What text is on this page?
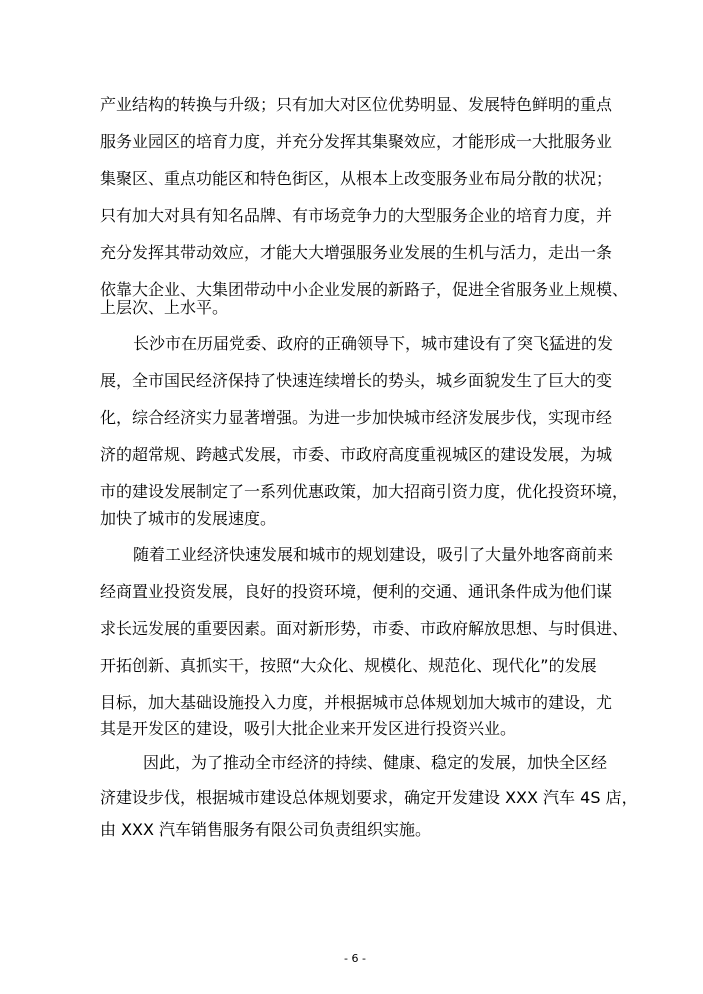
产业结构的转换与升级；只有加大对区位优势明显、发展特色鲜明的重点
服务业园区的培育力度，并充分发挥其集聚效应，才能形成一大批服务业
集聚区、重点功能区和特色街区，从根本上改变服务业布局分散的状况；
只有加大对具有知名品牌、有市场竞争力的大型服务企业的培育力度，并
充分发挥其带动效应，才能大大增强服务业发展的生机与活力，走出一条
依靠大企业、大集团带动中小企业发展的新路子，促进全省服务业上规模、
上层次、上水平。
长沙市在历届党委、政府的正确领导下，城市建设有了突飞猛进的发
展，全市国民经济保持了快速连续增长的势头，城乡面貌发生了巨大的变
化，综合经济实力显著增强。为进一步加快城市经济发展步伐，实现市经
济的超常规、跨越式发展，市委、市政府高度重视城区的建设发展，为城
市的建设发展制定了一系列优惠政策，加大招商引资力度，优化投资环境，
加快了城市的发展速度。
随着工业经济快速发展和城市的规划建设，吸引了大量外地客商前来
经商置业投资发展，良好的投资环境，便利的交通、通讯条件成为他们谋
求长远发展的重要因素。面对新形势，市委、市政府解放思想、与时俱进、
开拓创新、真抓实干，按照“大众化、规模化、规范化、现代化”的发展
目标，加大基础设施投入力度，并根据城市总体规划加大城市的建设，尤
其是开发区的建设，吸引大批企业来开发区进行投资兴业。
因此，为了推动全市经济的持续、健康、稳定的发展，加快全区经
济建设步伐，根据城市建设总体规划要求，确定开发建设 XXX 汽车 4S 店，
由 XXX 汽车销售服务有限公司负责组织实施。
- 6 -
